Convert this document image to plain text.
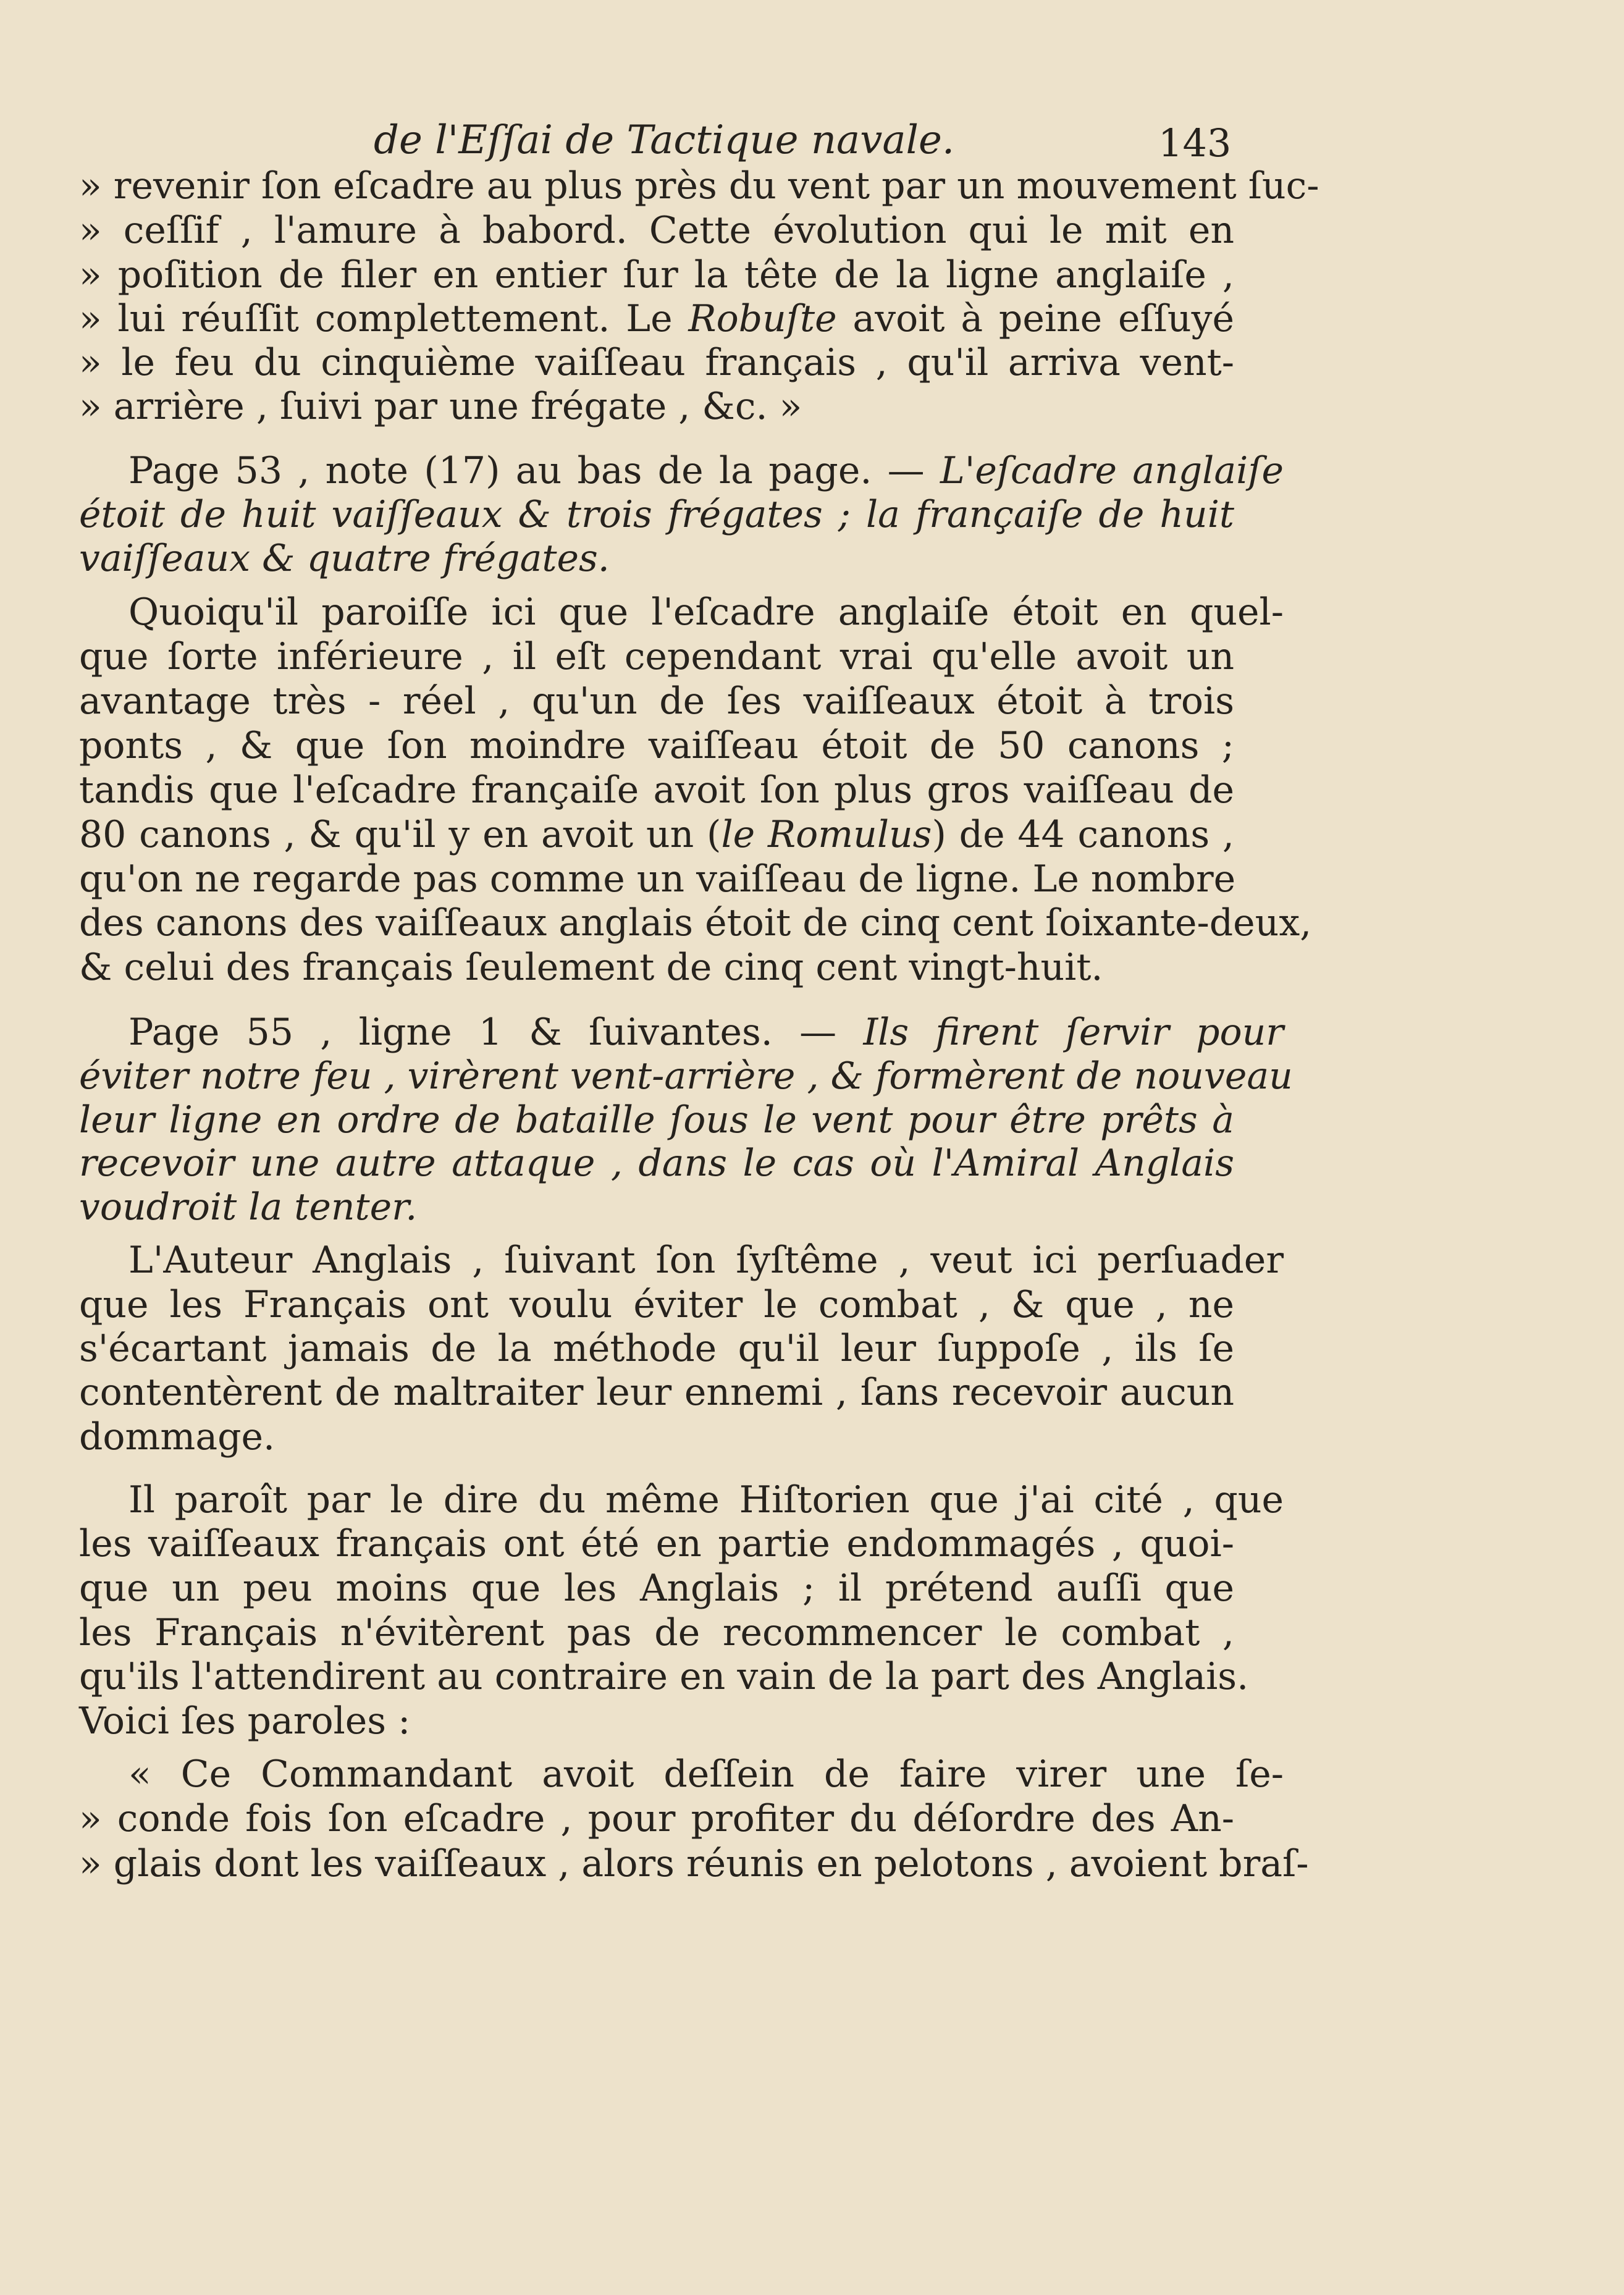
de l'Eſſai de Tactique navale.	143
» revenir ſon eſcadre au plus près du vent par un mouvement ſuc-
» ceſſif , l'amure à babord. Cette évolution qui le mit en
» poſition de filer en entier ſur la tête de la ligne anglaiſe ,
» lui réuſſit complettement. Le Robuſte avoit à peine eſſuyé
» le feu du cinquième vaiſſeau français , qu'il arriva vent-
» arrière , ſuivi par une frégate , &c. »
Page 53 , note (17) au bas de la page. — L'eſcadre anglaiſe
étoit de huit vaiſſeaux & trois frégates ; la françaiſe de huit
vaiſſeaux & quatre frégates.
Quoiqu'il paroiſſe ici que l'eſcadre anglaiſe étoit en quel-
que ſorte inférieure , il eſt cependant vrai qu'elle avoit un
avantage très - réel , qu'un de ſes vaiſſeaux étoit à trois
ponts , & que ſon moindre vaiſſeau étoit de 50 canons ;
tandis que l'eſcadre françaiſe avoit ſon plus gros vaiſſeau de
80 canons , & qu'il y en avoit un (le Romulus) de 44 canons ,
qu'on ne regarde pas comme un vaiſſeau de ligne. Le nombre
des canons des vaiſſeaux anglais étoit de cinq cent ſoixante-deux,
& celui des français ſeulement de cinq cent vingt-huit.
Page 55 , ligne 1 & ſuivantes. — Ils firent ſervir pour
éviter notre feu , virèrent vent-arrière , & formèrent de nouveau
leur ligne en ordre de bataille ſous le vent pour être prêts à
recevoir une autre attaque , dans le cas où l'Amiral Anglais
voudroit la tenter.
L'Auteur Anglais , ſuivant ſon ſyſtême , veut ici perſuader
que les Français ont voulu éviter le combat , & que , ne
s'écartant jamais de la méthode qu'il leur ſuppoſe , ils ſe
contentèrent de maltraiter leur ennemi , ſans recevoir aucun
dommage.
Il paroît par le dire du même Hiſtorien que j'ai cité , que
les vaiſſeaux français ont été en partie endommagés , quoi-
que un peu moins que les Anglais ; il prétend auſſi que
les Français n'évitèrent pas de recommencer le combat ,
qu'ils l'attendirent au contraire en vain de la part des Anglais.
Voici ſes paroles :
« Ce Commandant avoit deſſein de faire virer une ſe-
» conde fois ſon eſcadre , pour profiter du déſordre des An-
» glais dont les vaiſſeaux , alors réunis en pelotons , avoient braſ-
